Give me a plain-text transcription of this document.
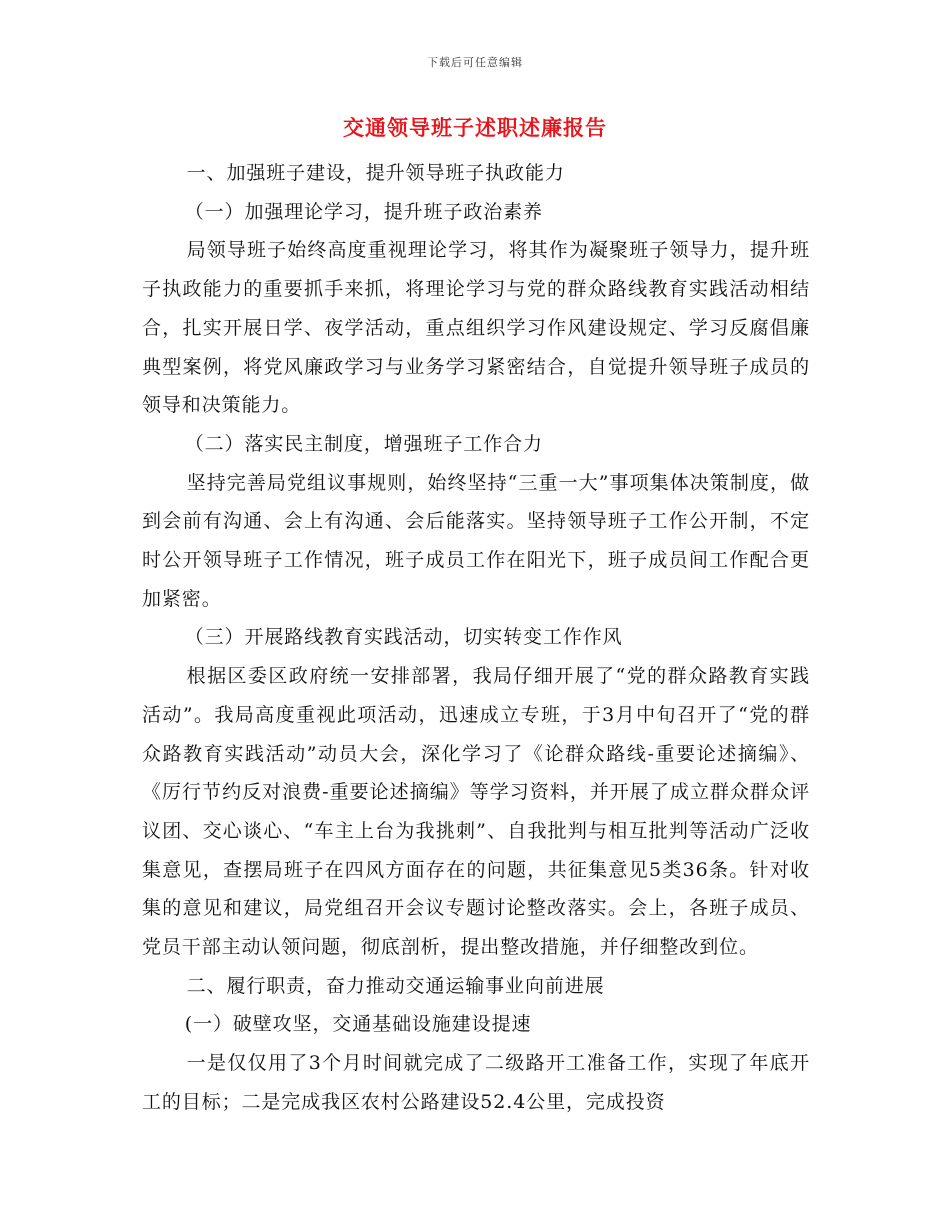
下载后可任意编辑
交通领导班子述职述廉报告

一、加强班子建设，提升领导班子执政能力

（一）加强理论学习，提升班子政治素养

局领导班子始终高度重视理论学习，将其作为凝聚班子领导力，提升班子执政能力的重要抓手来抓，将理论学习与党的群众路线教育实践活动相结合，扎实开展日学、夜学活动，重点组织学习作风建设规定、学习反腐倡廉典型案例，将党风廉政学习与业务学习紧密结合，自觉提升领导班子成员的领导和决策能力。

（二）落实民主制度，增强班子工作合力

坚持完善局党组议事规则，始终坚持“三重一大”事项集体决策制度，做到会前有沟通、会上有沟通、会后能落实。坚持领导班子工作公开制，不定时公开领导班子工作情况，班子成员工作在阳光下，班子成员间工作配合更加紧密。

（三）开展路线教育实践活动，切实转变工作作风

根据区委区政府统一安排部署，我局仔细开展了“党的群众路教育实践活动”。我局高度重视此项活动，迅速成立专班，于3月中旬召开了“党的群众路教育实践活动”动员大会，深化学习了《论群众路线-重要论述摘编》、《厉行节约反对浪费-重要论述摘编》等学习资料，并开展了成立群众群众评议团、交心谈心、“车主上台为我挑刺”、自我批判与相互批判等活动广泛收集意见，查摆局班子在四风方面存在的问题，共征集意见5类36条。针对收集的意见和建议，局党组召开会议专题讨论整改落实。会上，各班子成员、党员干部主动认领问题，彻底剖析，提出整改措施，并仔细整改到位。

二、履行职责，奋力推动交通运输事业向前进展

(一）破壁攻坚，交通基础设施建设提速

一是仅仅用了3个月时间就完成了二级路开工准备工作，实现了年底开工的目标；二是完成我区农村公路建设52.4公里，完成投资
